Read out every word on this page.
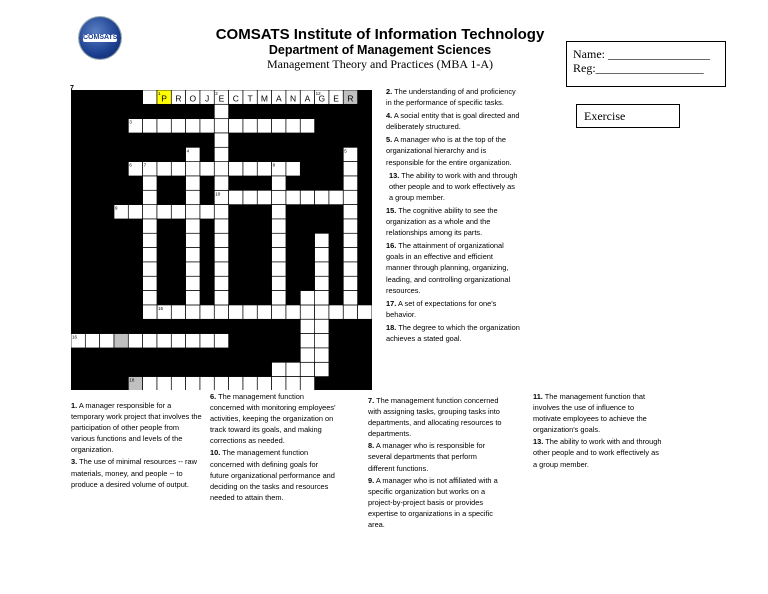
COMSATS	COMSATS Institute of Information Technology
Department of Management Sciences
Management Theory and Practices (MBA 1-A)
Name: _________________
Reg:__________________
Exercise
P R O J E C T M A N A G E R
1	2
3
4	5
6	7	8
9
10
11
12
13
14
15
16	17
18
7	2. The understanding of and proficiency in the performance of specific tasks.

4. A social entity that is goal directed and deliberately structured.

5. A manager who is at the top of the organizational hierarchy and is responsible for the entire organization.

13. The ability to work with and through other people and to work effectively as a group member.

15. The cognitive ability to see the organization as a whole and the relationships among its parts.

16. The attainment of organizational goals in an effective and efficient manner through planning, organizing, leading, and controlling organizational resources.

17. A set of expectations for one's behavior.

18. The degree to which the organization achieves a stated goal.

1. A manager responsible for a temporary work project that involves the participation of other people from various functions and levels of the organization.

3. The use of minimal resources -- raw materials, money, and people -- to produce a desired volume of output.

6. The management function concerned with monitoring employees' activities, keeping the organization on track toward its goals, and making corrections as needed.

10. The management function concerned with defining goals for future organizational performance and deciding on the tasks and resources needed to attain them.

7. The management function concerned with assigning tasks, grouping tasks into departments, and allocating resources to departments.

8. A manager who is responsible for several departments that perform different functions.

9. A manager who is not affiliated with a specific organization but works on a project-by-project basis or provides expertise to organizations in a specific area.

11. The management function that involves the use of influence to motivate employees to achieve the organization's goals.

13. The ability to work with and through other people and to work effectively as a group member.
